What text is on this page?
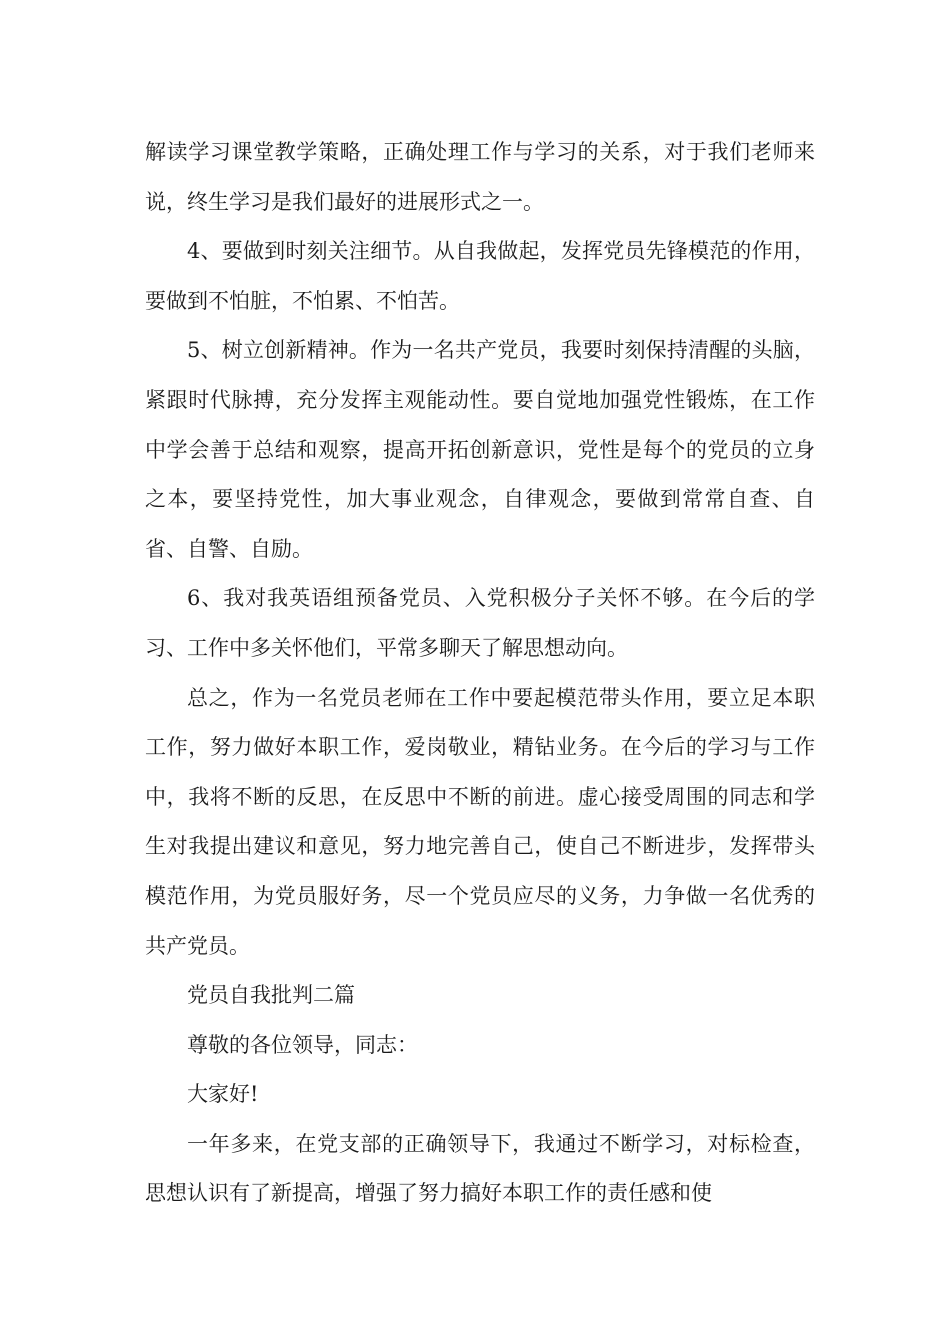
解读学习课堂教学策略，正确处理工作与学习的关系，对于我们老师来说，终生学习是我们最好的进展形式之一。

4、要做到时刻关注细节。从自我做起，发挥党员先锋模范的作用，要做到不怕脏，不怕累、不怕苦。

5、树立创新精神。作为一名共产党员，我要时刻保持清醒的头脑，紧跟时代脉搏，充分发挥主观能动性。要自觉地加强党性锻炼，在工作中学会善于总结和观察，提高开拓创新意识，党性是每个的党员的立身之本，要坚持党性，加大事业观念，自律观念，要做到常常自查、自省、自警、自励。

6、我对我英语组预备党员、入党积极分子关怀不够。在今后的学习、工作中多关怀他们，平常多聊天了解思想动向。

总之，作为一名党员老师在工作中要起模范带头作用，要立足本职工作，努力做好本职工作，爱岗敬业，精钻业务。在今后的学习与工作中，我将不断的反思，在反思中不断的前进。虚心接受周围的同志和学生对我提出建议和意见，努力地完善自己，使自己不断进步，发挥带头模范作用，为党员服好务，尽一个党员应尽的义务，力争做一名优秀的共产党员。

党员自我批判二篇

尊敬的各位领导，同志：

大家好!

一年多来，在党支部的正确领导下，我通过不断学习，对标检查，思想认识有了新提高，增强了努力搞好本职工作的责任感和使
